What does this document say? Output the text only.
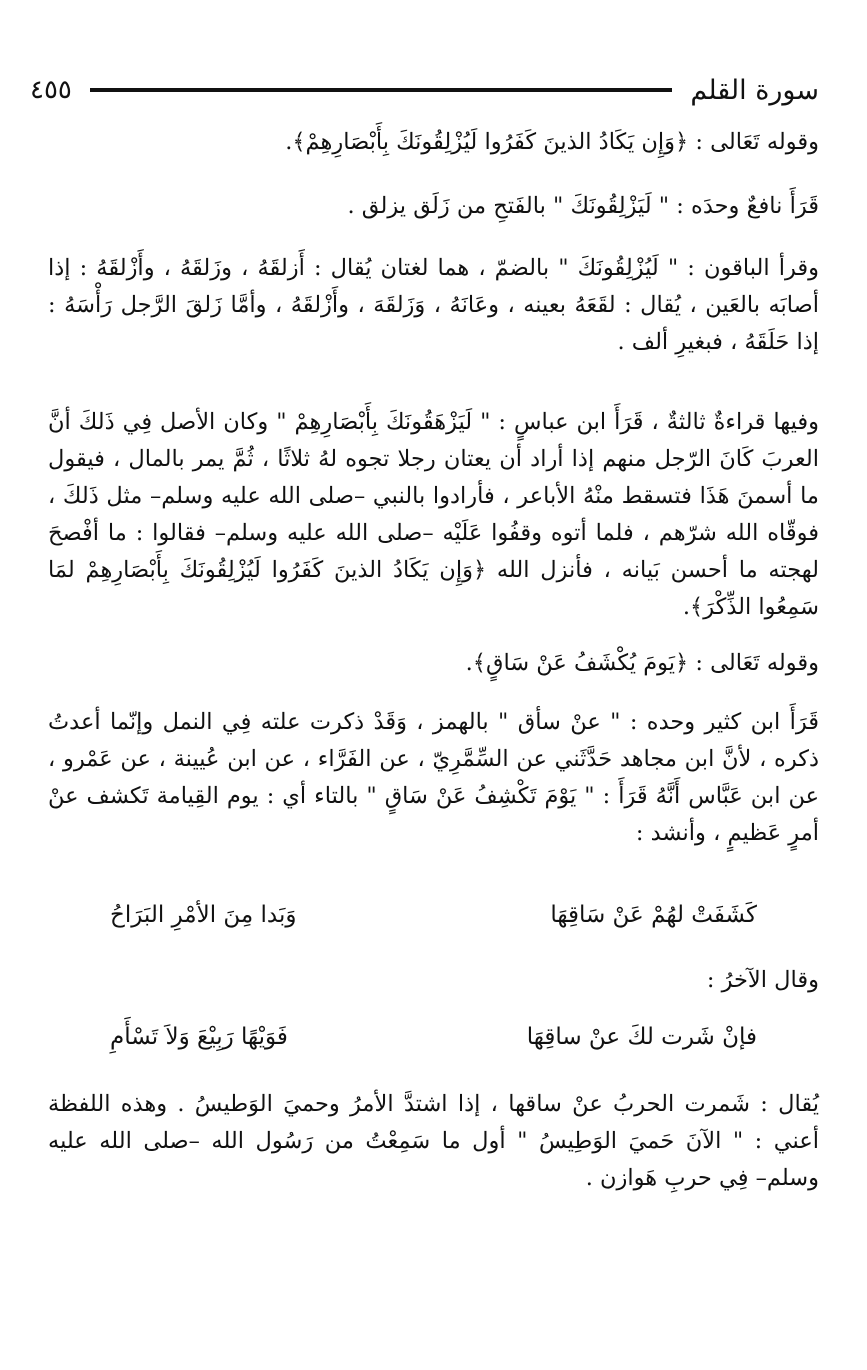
سورة القلم
٤٥٥

وقوله تَعَالى : ﴿وَإِن يَكَادُ الذينَ كَفَرُوا لَيُزْلِقُونَكَ بِأَبْصَارِهِمْ﴾.

قَرَأَ نافعٌ وحدَه : " لَيَزْلِقُونَكَ " بالفَتحِ من زَلَق يزلق .

وقرأ الباقون : " لَيُزْلِقُونَكَ " بالضمّ ، هما لغتان يُقال : أَزلقَهُ ، وزَلقَهُ ، وأَزْلقَهُ : إذا أصابَه بالعَين ، يُقال : لقَعَهُ بعينه ، وعَانَهُ ، وَزَلقَهَ ، وأَزْلقَهُ ، وأمَّا زَلقَ الرَّجل رَأْسَهُ : إذا حَلَقَهُ ، فبغيرِ ألف .

وفيها قراءةٌ ثالثةٌ ، قَرَأَ ابن عباسٍ : " لَيَزْهَقُونَكَ بِأَبْصَارِهِمْ " وكان الأصل فِي ذَلكَ أنَّ العربَ كَانَ الرّجل منهم إذا أراد أن يعتان رجلا تجوه لهُ ثلاثًا ، ثُمَّ يمر بالمال ، فيقول ما أسمنَ هَذَا فتسقط منْهُ الأباعر ، فأرادوا بالنبي –صلى الله عليه وسلم– مثل ذَلكَ ، فوقّاه الله شرّهم ، فلما أتوه وقفُوا عَلَيْه –صلى الله عليه وسلم– فقالوا : ما أفْصحَ لهجته ما أحسن بَيانه ، فأنزل الله ﴿وَإِن يَكَادُ الذينَ كَفَرُوا لَيُزْلِقُونَكَ بِأَبْصَارِهِمْ لمَا سَمِعُوا الذِّكْرَ﴾.

وقوله تَعَالى : ﴿يَومَ يُكْشَفُ عَنْ سَاقٍ﴾.

قَرَأَ ابن كثير وحده : " عنْ سأق " بالهمز ، وَقَدْ ذكرت علته فِي النمل وإنّما أعدتُ ذكره ، لأنَّ ابن مجاهد حَدَّثَني عن السِّمَّرِيّ ، عن الفَرَّاء ، عن ابن عُيينة ، عن عَمْرو ، عن ابن عَبَّاس أَنَّهُ قَرَأَ : " يَوْمَ تَكْشِفُ عَنْ سَاقٍ " بالتاء أي : يوم القِيامة تَكشف عنْ أمرٍ عَظيمٍ ، وأنشد :

كَشَفَتْ لهُمْ عَنْ سَاقِهَا
وَبَدا مِنَ الأمْرِ البَرَاحُ

وقال الآخرُ :

فإنْ شَرت لكَ عنْ ساقِهَا
فَوَيْهًا رَبِيْعَ وَلاَ تَسْأَمِ

يُقال : شَمرت الحربُ عنْ ساقها ، إذا اشتدَّ الأمرُ وحميَ الوَطيسُ . وهذه اللفظة أعني : " الآنَ حَميَ الوَطِيسُ " أول ما سَمِعْتُ من رَسُول الله –صلى الله عليه وسلم– فِي حربِ هَوازن .
